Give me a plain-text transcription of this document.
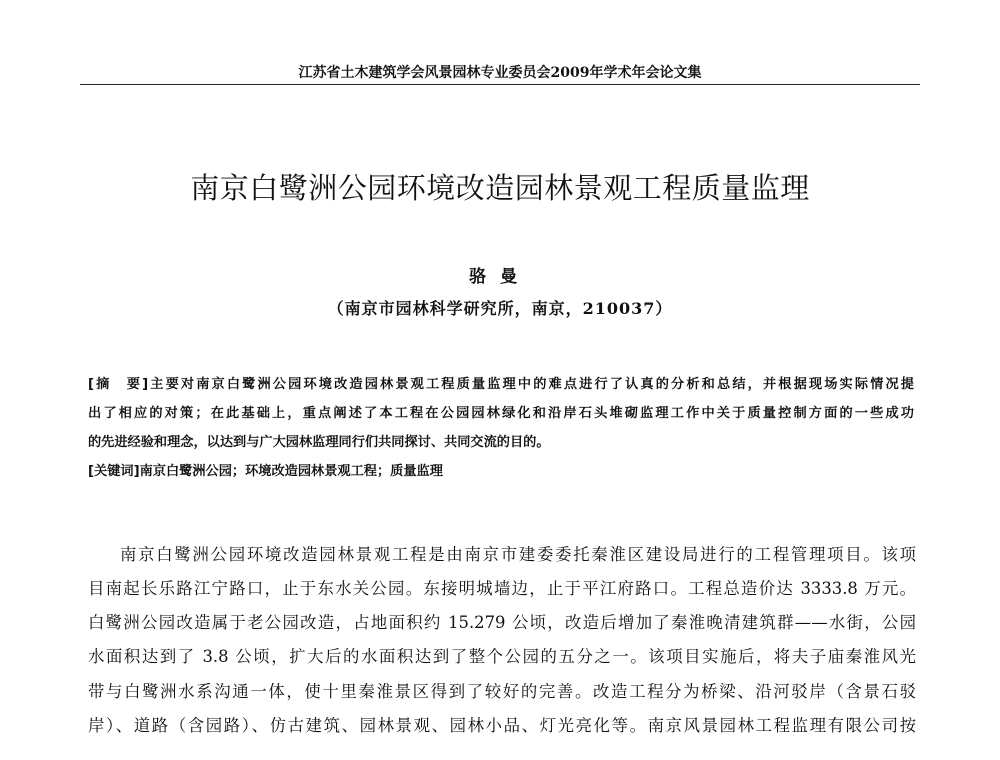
江苏省土木建筑学会风景园林专业委员会2009年学术年会论文集
南京白鹭洲公园环境改造园林景观工程质量监理
骆曼
（南京市园林科学研究所，南京，210037）
[摘　要]主要对南京白鹭洲公园环境改造园林景观工程质量监理中的难点进行了认真的分析和总结，并根据现场实际情况提
出了相应的对策；在此基础上，重点阐述了本工程在公园园林绿化和沿岸石头堆砌监理工作中关于质量控制方面的一些成功
的先进经验和理念，以达到与广大园林监理同行们共同探讨、共同交流的目的。
[关键词]南京白鹭洲公园；环境改造园林景观工程；质量监理
南京白鹭洲公园环境改造园林景观工程是由南京市建委委托秦淮区建设局进行的工程管理项目。该项
目南起长乐路江宁路口，止于东水关公园。东接明城墙边，止于平江府路口。工程总造价达 3333.8 万元。
白鹭洲公园改造属于老公园改造，占地面积约 15.279 公顷，改造后增加了秦淮晚清建筑群——水街，公园
水面积达到了 3.8 公顷，扩大后的水面积达到了整个公园的五分之一。该项目实施后，将夫子庙秦淮风光
带与白鹭洲水系沟通一体，使十里秦淮景区得到了较好的完善。改造工程分为桥梁、沿河驳岸（含景石驳
岸）、道路（含园路）、仿古建筑、园林景观、园林小品、灯光亮化等。南京风景园林工程监理有限公司按
